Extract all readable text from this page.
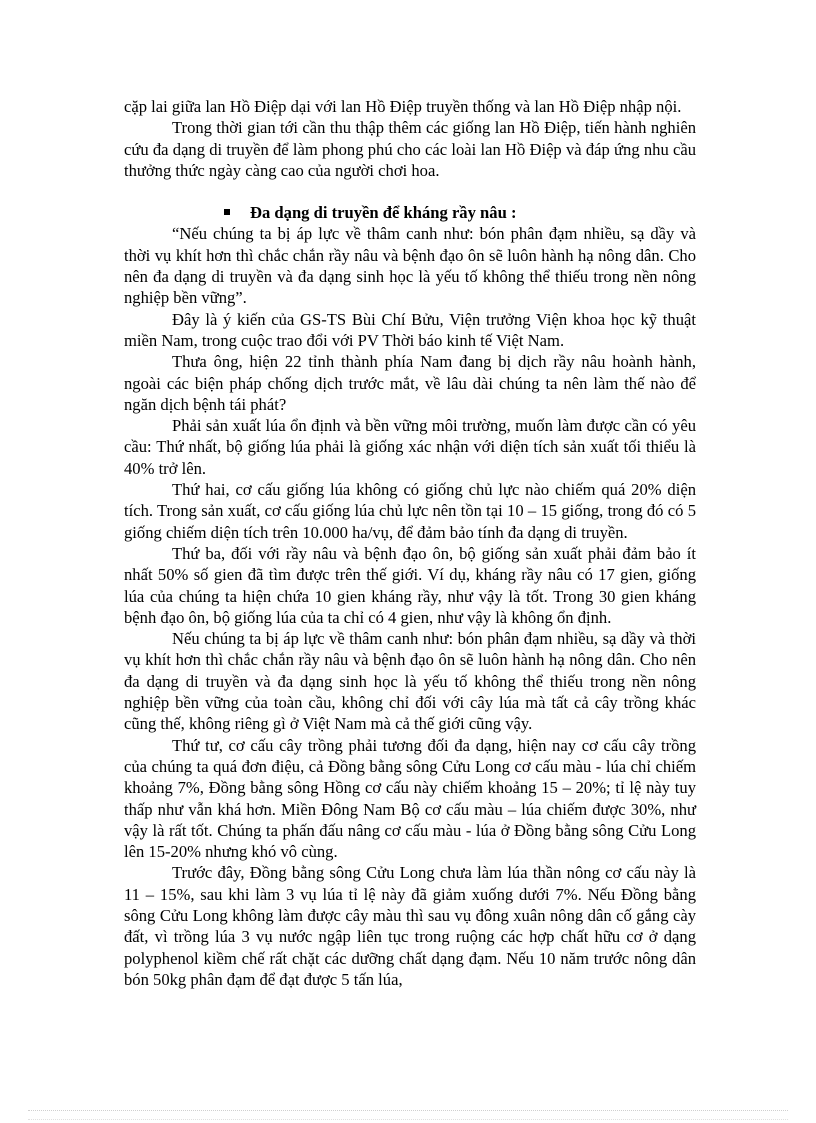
cặp lai giữa lan Hồ Điệp dại với lan Hồ Điệp truyền thống và lan Hồ Điệp nhập nội.

Trong thời gian tới cần thu thập thêm các giống lan Hồ Điệp, tiến hành nghiên cứu đa dạng di truyền để làm phong phú cho các loài lan Hồ Điệp và đáp ứng nhu cầu thưởng thức ngày càng cao của người chơi hoa.

Đa dạng di truyền để kháng rầy nâu :

“Nếu chúng ta bị áp lực về thâm canh như: bón phân đạm nhiều, sạ dầy và thời vụ khít hơn thì chắc chắn rầy nâu và bệnh đạo ôn sẽ luôn hành hạ nông dân. Cho nên đa dạng di truyền và đa dạng sinh học là yếu tố không thể thiếu trong nền nông nghiệp bền vững”.

Đây là ý kiến của GS-TS Bùi Chí Bửu, Viện trưởng Viện khoa học kỹ thuật miền Nam, trong cuộc trao đổi với PV Thời báo kinh tế Việt Nam.

Thưa ông, hiện 22 tỉnh thành phía Nam đang bị dịch rầy nâu hoành hành, ngoài các biện pháp chống dịch trước mắt, về lâu dài chúng ta nên làm thế nào để ngăn dịch bệnh tái phát?

Phải sản xuất lúa ổn định và bền vững môi trường, muốn làm được cần có yêu cầu: Thứ nhất, bộ giống lúa phải là giống xác nhận với diện tích sản xuất tối thiểu là 40% trở lên.

Thứ hai, cơ cấu giống lúa không có giống chủ lực nào chiếm quá 20% diện tích. Trong sản xuất, cơ cấu giống lúa chủ lực nên tồn tại 10 – 15 giống, trong đó có 5 giống chiếm diện tích trên 10.000 ha/vụ, để đảm bảo tính đa dạng di truyền.

Thứ ba, đối với rầy nâu và bệnh đạo ôn, bộ giống sản xuất phải đảm bảo ít nhất 50% số gien đã tìm được trên thế giới. Ví dụ, kháng rầy nâu có 17 gien, giống lúa của chúng ta hiện chứa 10 gien kháng rầy, như vậy là tốt. Trong 30 gien kháng bệnh đạo ôn, bộ giống lúa của ta chỉ có 4 gien, như vậy là không ổn định.

Nếu chúng ta bị áp lực về thâm canh như: bón phân đạm nhiều, sạ dầy và thời vụ khít hơn thì chắc chắn rầy nâu và bệnh đạo ôn sẽ luôn hành hạ nông dân. Cho nên đa dạng di truyền và đa dạng sinh học là yếu tố không thể thiếu trong nền nông nghiệp bền vững của toàn cầu, không chỉ đối với cây lúa mà tất cả cây trồng khác cũng thế, không riêng gì ở Việt Nam mà cả thế giới cũng vậy.

Thứ tư, cơ cấu cây trồng phải tương đối đa dạng, hiện nay cơ cấu cây trồng của chúng ta quá đơn điệu, cả Đồng bằng sông Cửu Long cơ cấu màu - lúa chỉ chiếm khoảng 7%, Đồng bằng sông Hồng cơ cấu này chiếm khoảng 15 – 20%; tỉ lệ này tuy thấp như vẫn khá hơn. Miền Đông Nam Bộ cơ cấu màu – lúa chiếm được 30%, như vậy là rất tốt. Chúng ta phấn đấu nâng cơ cấu màu - lúa ở Đồng bằng sông Cửu Long lên 15-20% nhưng khó vô cùng.

Trước đây, Đồng bằng sông Cửu Long chưa làm lúa thần nông cơ cấu này là 11 – 15%, sau khi làm 3 vụ lúa tỉ lệ này đã giảm xuống dưới 7%. Nếu Đồng bằng sông Cửu Long không làm được cây màu thì sau vụ đông xuân nông dân cố gắng cày đất, vì trồng lúa 3 vụ nước ngập liên tục trong ruộng các hợp chất hữu cơ ở dạng polyphenol kiềm chế rất chặt các dưỡng chất dạng đạm. Nếu 10 năm trước nông dân bón 50kg phân đạm để đạt được 5 tấn lúa,
